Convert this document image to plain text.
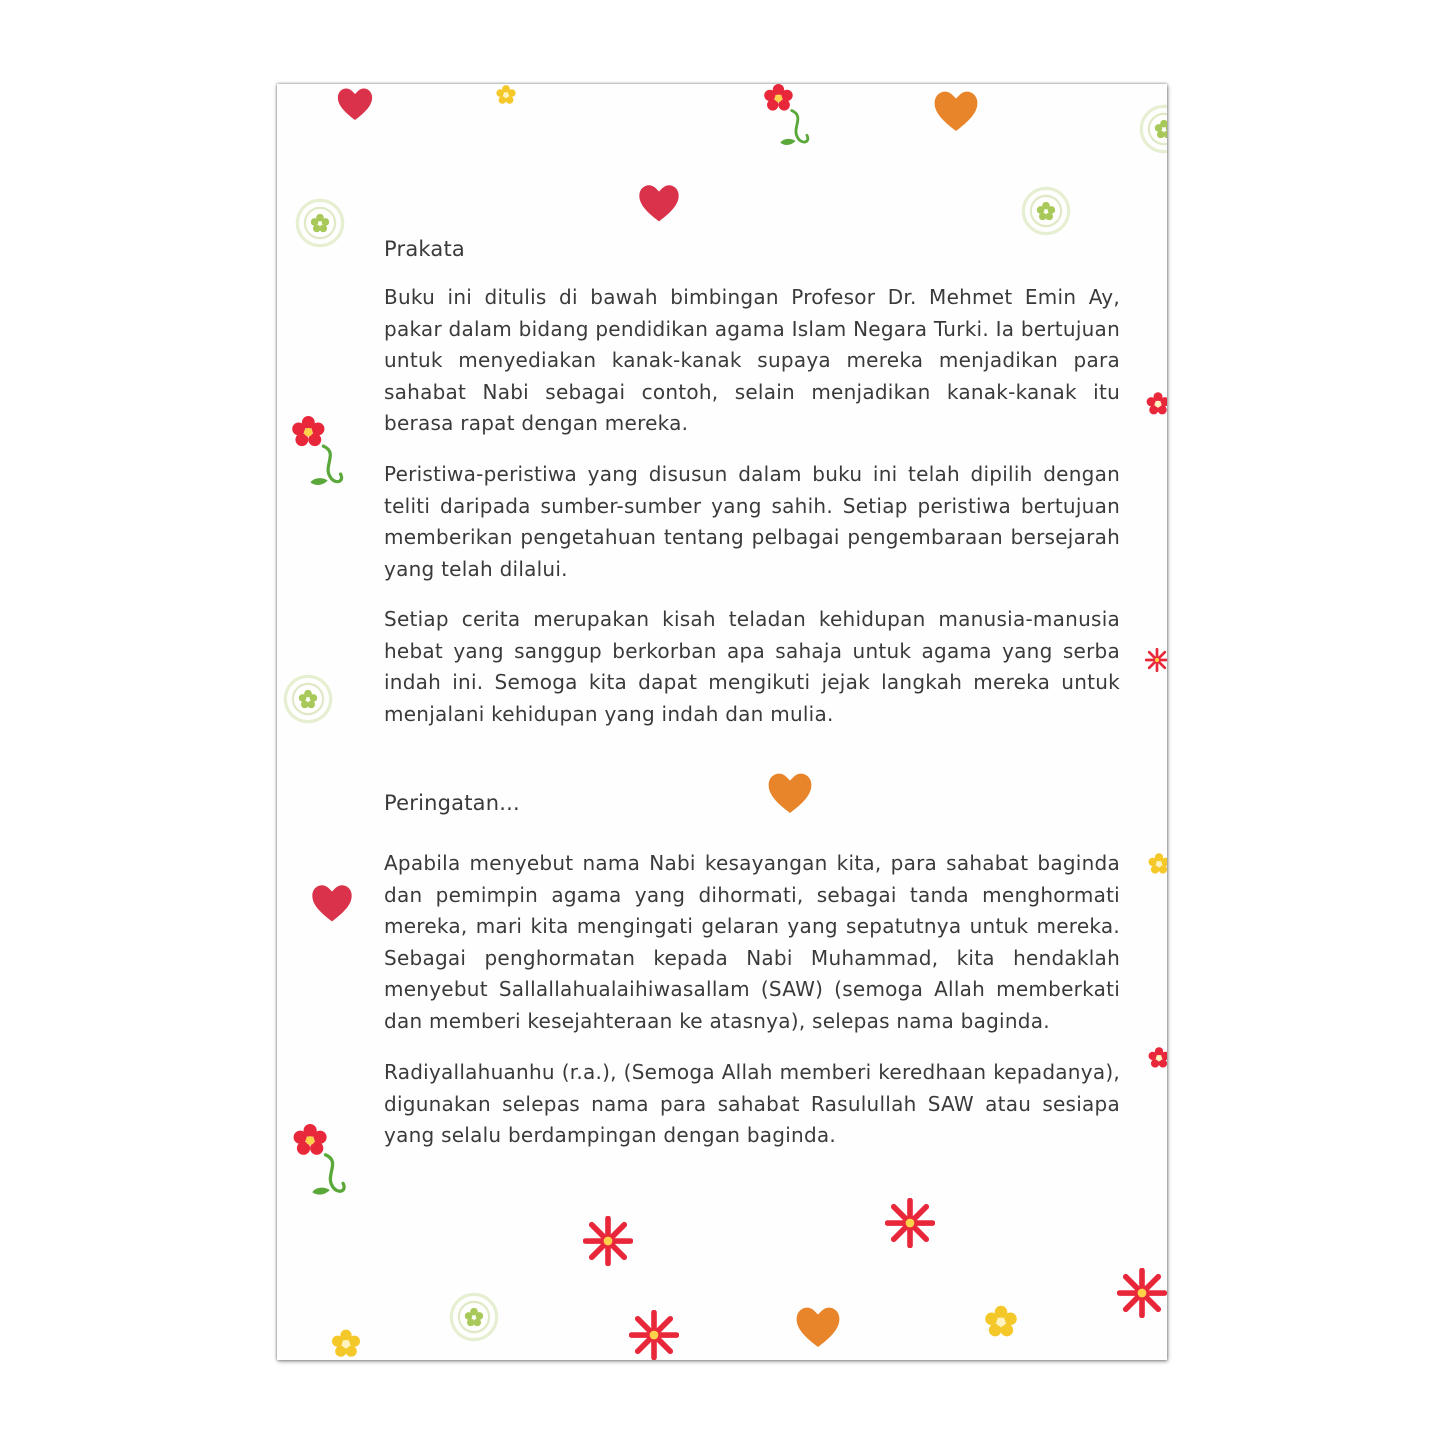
Prakata

Buku ini ditulis di bawah bimbingan Profesor Dr. Mehmet Emin Ay, pakar dalam bidang pendidikan agama Islam Negara Turki. Ia bertujuan untuk menyediakan kanak-kanak supaya mereka menjadikan para sahabat Nabi sebagai contoh, selain menjadikan kanak-kanak itu berasa rapat dengan mereka.

Peristiwa-peristiwa yang disusun dalam buku ini telah dipilih dengan teliti daripada sumber-sumber yang sahih. Setiap peristiwa bertujuan memberikan pengetahuan tentang pelbagai pengembaraan bersejarah yang telah dilalui.

Setiap cerita merupakan kisah teladan kehidupan manusia-manusia hebat yang sanggup berkorban apa sahaja untuk agama yang serba indah ini. Semoga kita dapat mengikuti jejak langkah mereka untuk menjalani kehidupan yang indah dan mulia.

Peringatan...

Apabila menyebut nama Nabi kesayangan kita, para sahabat baginda dan pemimpin agama yang dihormati, sebagai tanda menghormati mereka, mari kita mengingati gelaran yang sepatutnya untuk mereka. Sebagai penghormatan kepada Nabi Muhammad, kita hendaklah menyebut Sallallahualaihiwasallam (SAW) (semoga Allah memberkati dan memberi kesejahteraan ke atasnya), selepas nama baginda.

Radiyallahuanhu (r.a.), (Semoga Allah memberi keredhaan kepadanya), digunakan selepas nama para sahabat Rasulullah SAW atau sesiapa yang selalu berdampingan dengan baginda.
